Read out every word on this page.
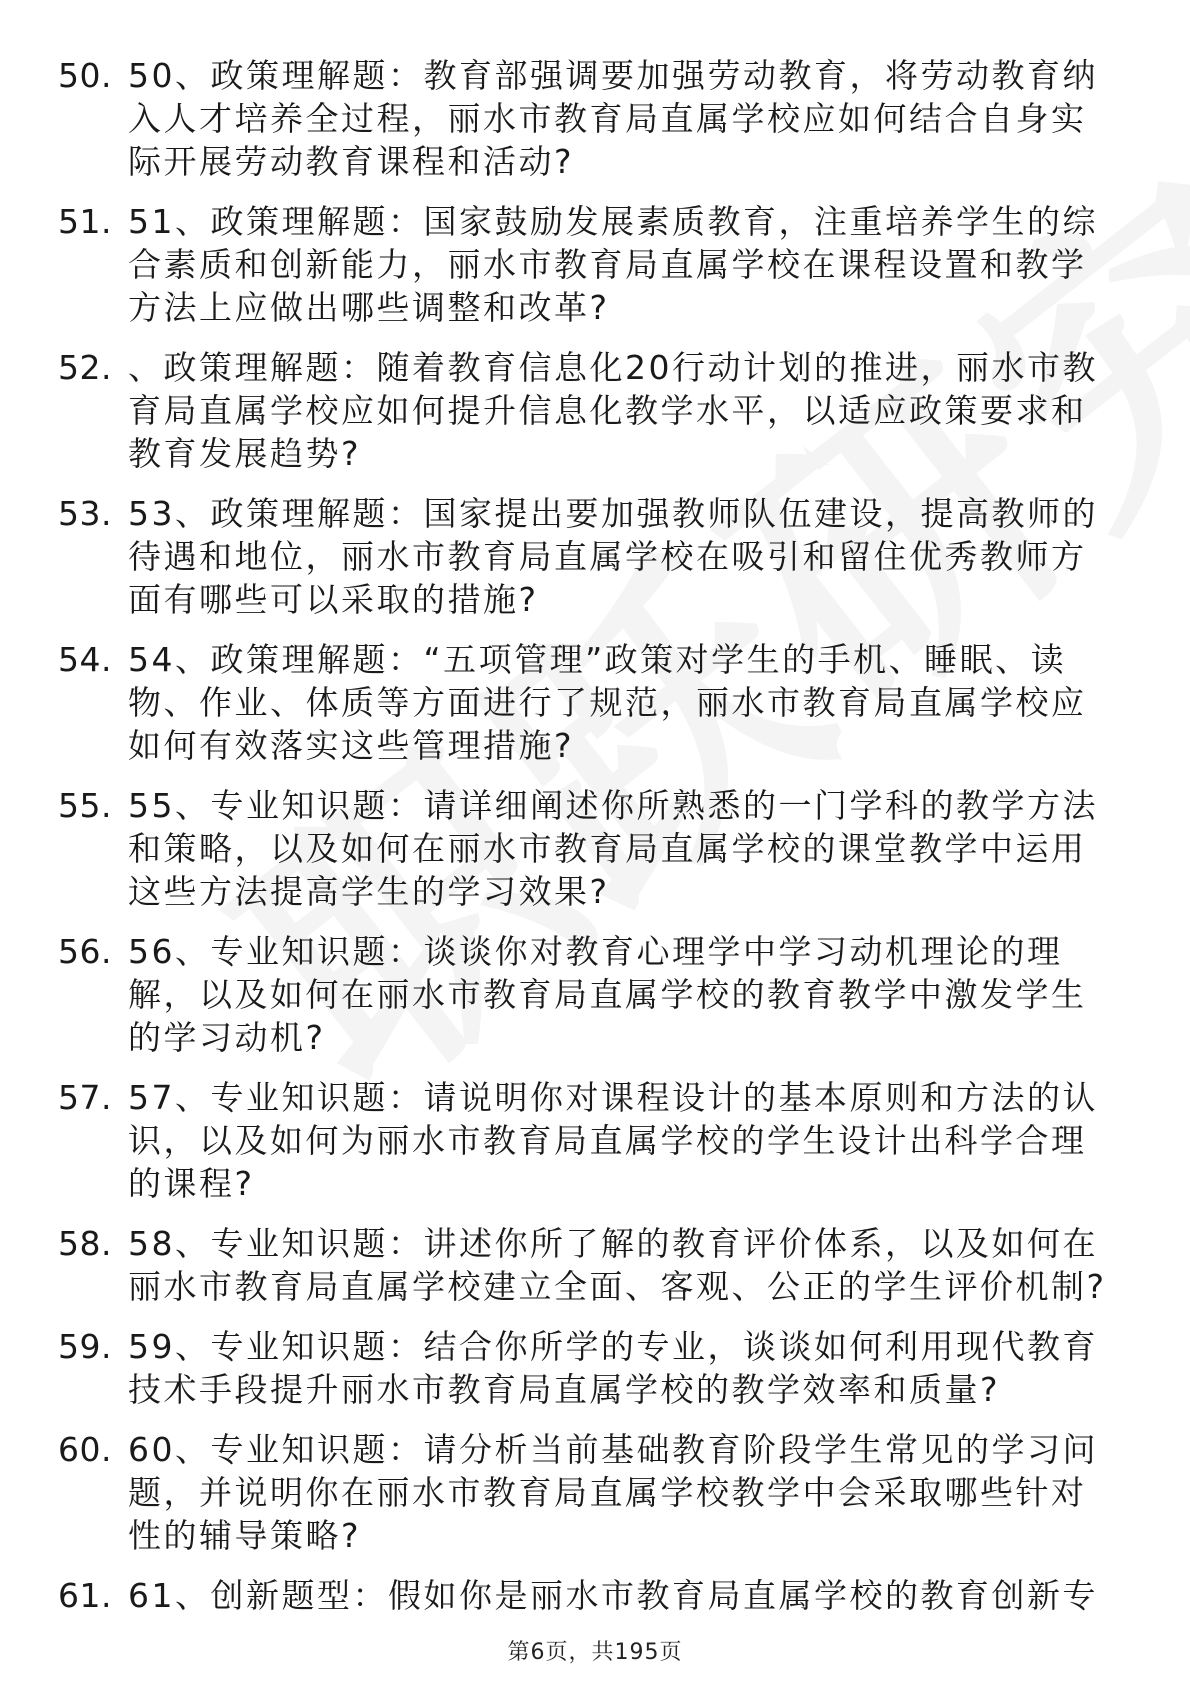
50. 50、政策理解题：教育部强调要加强劳动教育，将劳动教育纳入人才培养全过程，丽水市教育局直属学校应如何结合自身实际开展劳动教育课程和活动?
51. 51、政策理解题：国家鼓励发展素质教育，注重培养学生的综合素质和创新能力，丽水市教育局直属学校在课程设置和教学方法上应做出哪些调整和改革?
52. 、政策理解题：随着教育信息化20行动计划的推进，丽水市教育局直属学校应如何提升信息化教学水平，以适应政策要求和教育发展趋势?
53. 53、政策理解题：国家提出要加强教师队伍建设，提高教师的待遇和地位，丽水市教育局直属学校在吸引和留住优秀教师方面有哪些可以采取的措施?
54. 54、政策理解题：“五项管理”政策对学生的手机、睡眠、读物、作业、体质等方面进行了规范，丽水市教育局直属学校应如何有效落实这些管理措施?
55. 55、专业知识题：请详细阐述你所熟悉的一门学科的教学方法和策略，以及如何在丽水市教育局直属学校的课堂教学中运用这些方法提高学生的学习效果?
56. 56、专业知识题：谈谈你对教育心理学中学习动机理论的理解，以及如何在丽水市教育局直属学校的教育教学中激发学生的学习动机?
57. 57、专业知识题：请说明你对课程设计的基本原则和方法的认识，以及如何为丽水市教育局直属学校的学生设计出科学合理的课程?
58. 58、专业知识题：讲述你所了解的教育评价体系，以及如何在丽水市教育局直属学校建立全面、客观、公正的学生评价机制?
59. 59、专业知识题：结合你所学的专业，谈谈如何利用现代教育技术手段提升丽水市教育局直属学校的教学效率和质量?
60. 60、专业知识题：请分析当前基础教育阶段学生常见的学习问题，并说明你在丽水市教育局直属学校教学中会采取哪些针对性的辅导策略?
61. 61、创新题型：假如你是丽水市教育局直属学校的教育创新专
第6页，共195页
